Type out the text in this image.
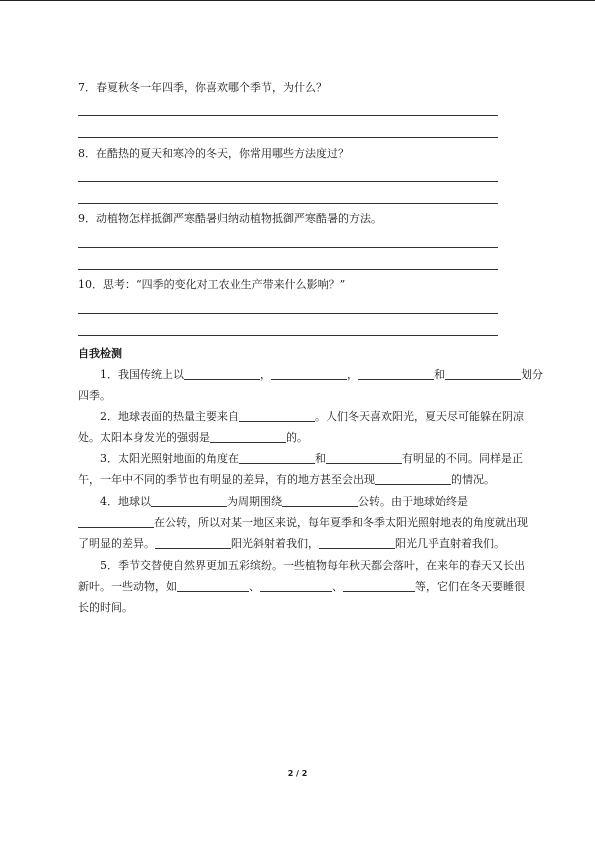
7．春夏秋冬一年四季，你喜欢哪个季节，为什么？
8．在酷热的夏天和寒冷的冬天，你常用哪些方法度过？
9．动植物怎样抵御严寒酷暑归纳动植物抵御严寒酷暑的方法。
10．思考：“四季的变化对工农业生产带来什么影响？”
自我检测
1．我国传统上以	，	，	和	划分
四季。
2．地球表面的热量主要来自	。人们冬天喜欢阳光，夏天尽可能躲在阴凉
处。太阳本身发光的强弱是	的。
3．太阳光照射地面的角度在	和	有明显的不同。同样是正
午，一年中不同的季节也有明显的差异，有的地方甚至会出现	的情况。
4．地球以	为周期围绕	公转。由于地球始终是
在公转，所以对某一地区来说，每年夏季和冬季太阳光照射地表的角度就出现
了明显的差异。	阳光斜射着我们，	阳光几乎直射着我们。
5．季节交替使自然界更加五彩缤纷。一些植物每年秋天都会落叶，在来年的春天又长出
新叶。一些动物，如	、	、	等，它们在冬天要睡很
长的时间。
2 / 2
